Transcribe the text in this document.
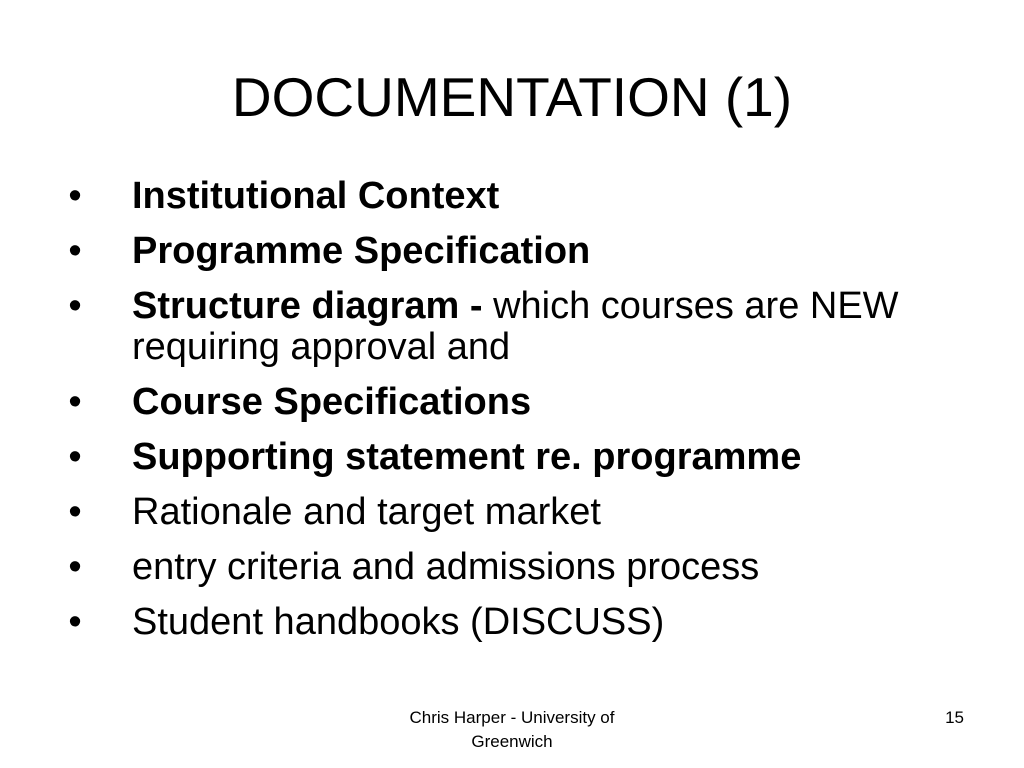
DOCUMENTATION (1)
• Institutional Context
• Programme Specification
• Structure diagram - which courses are NEW requiring approval and
• Course Specifications
• Supporting statement re. programme
• Rationale and target market
• entry criteria and admissions process
• Student handbooks (DISCUSS)
Chris Harper - University of
Greenwich
15
